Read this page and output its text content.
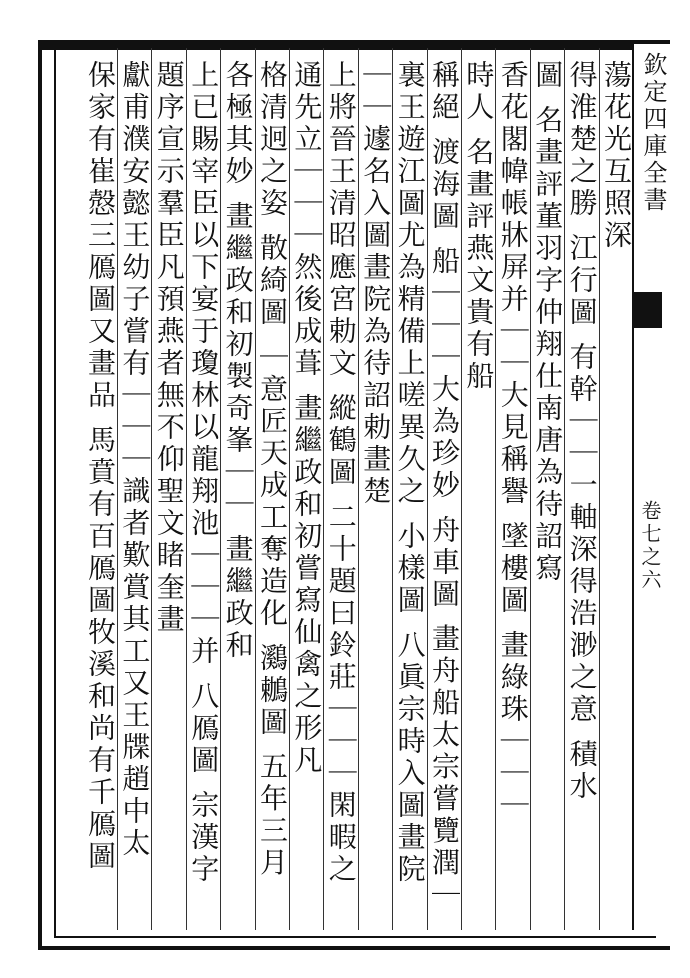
欽定四庫全書
卷七之六
蕩花光互照深
得淮楚之勝 江行圖 有幹｜｜一軸深得浩渺之意 積水
圖 名畫評董羽字仲翔仕南唐為待詔寫
香花閣幃帳牀屏并｜｜大見稱譽 墜樓圖 畫綠珠｜｜｜
時人 名畫評燕文貴有船
稱絕 渡海圖 船｜｜｜大為珍妙 舟車圖 畫舟船太宗嘗覽潤｜
裏王遊江圖尤為精備上嗟異久之 小樣圖 八眞宗時入圖畫院
｜｜遽名入圖畫院為待詔勅畫楚
上將晉王清昭應宮勅文 縱鶴圖 二十題曰鈴莊｜｜｜閑暇之
通先立｜｜｜然後成葺 畫繼政和初嘗寫仙禽之形凡
格清迥之姿 散綺圖 ｜意匠天成工奪造化 鸂鶒圖 五年三月
各極其妙 畫繼政和初製奇峯｜｜ 畫繼政和
上已賜宰臣以下宴于瓊林以龍翔池｜｜｜并 八鴈圖 宗漢字
題序宣示羣臣凡預燕者無不仰聖文睹奎畫
獻甫濮安懿王幼子嘗有｜｜｜識者歎賞其工又王牒趙中太
保家有崔慤三鴈圖又畫品 馬賁有百鴈圖牧溪和尚有千鴈圖
